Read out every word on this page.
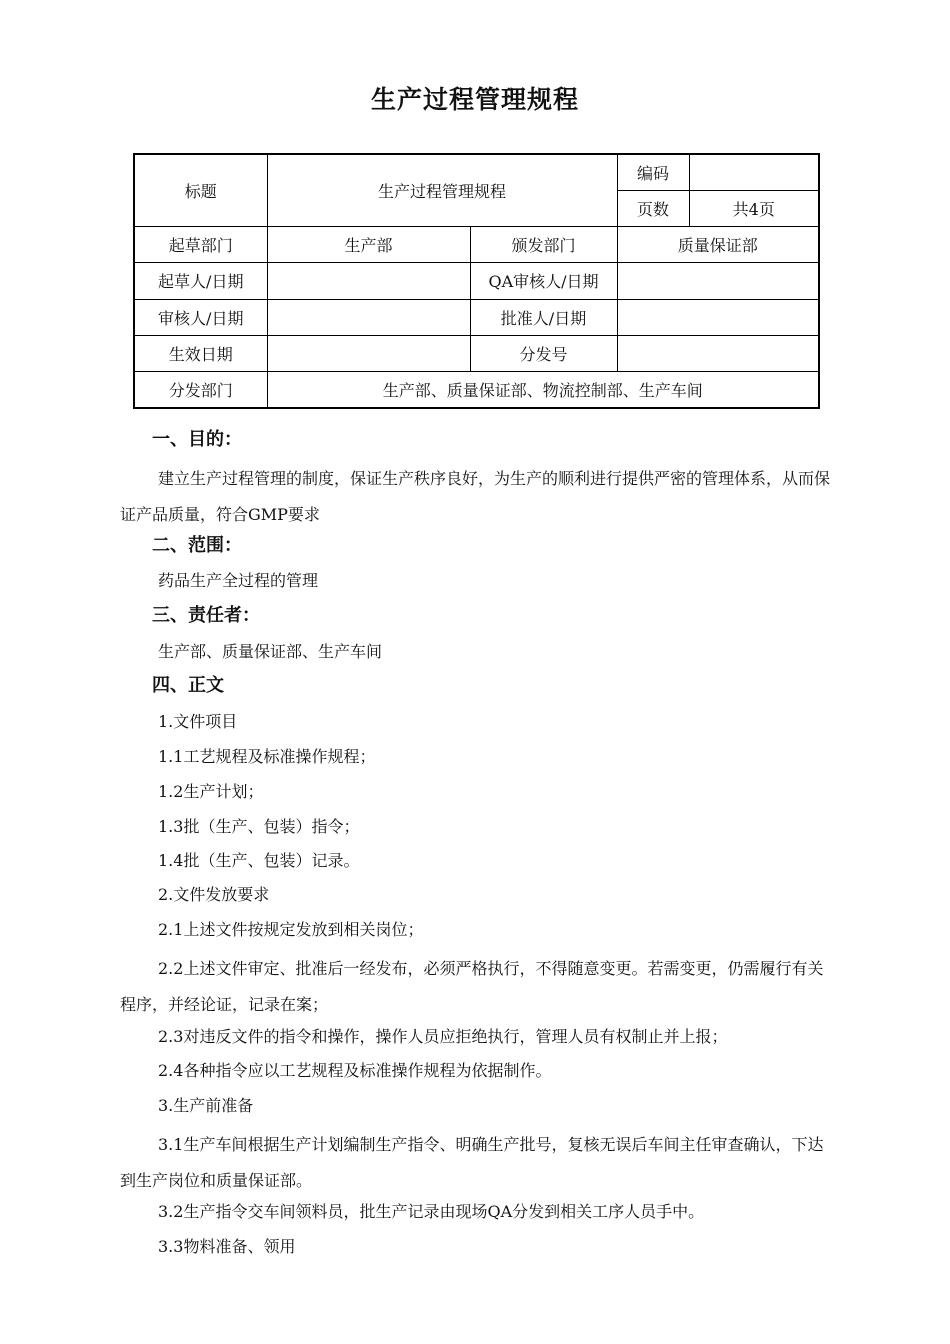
生产过程管理规程
标题	生产过程管理规程		编码	
			页数	共4页
起草部门	生产部	颁发部门	质量保证部	
起草人/日期		QA审核人/日期		
审核人/日期		批准人/日期		
生效日期		分发号		
分发部门	生产部、质量保证部、物流控制部、生产车间			
一、目的：
建立生产过程管理的制度，保证生产秩序良好，为生产的顺利进行提供严密的管理体系，从而保证产品质量，符合GMP要求
二、范围：
药品生产全过程的管理
三、责任者：
生产部、质量保证部、生产车间
四、正文
1.文件项目
1.1工艺规程及标准操作规程；
1.2生产计划；
1.3批（生产、包装）指令；
1.4批（生产、包装）记录。
2.文件发放要求
2.1上述文件按规定发放到相关岗位；
2.2上述文件审定、批准后一经发布，必须严格执行，不得随意变更。若需变更，仍需履行有关程序，并经论证，记录在案；
2.3对违反文件的指令和操作，操作人员应拒绝执行，管理人员有权制止并上报；
2.4各种指令应以工艺规程及标准操作规程为依据制作。
3.生产前准备
3.1生产车间根据生产计划编制生产指令、明确生产批号，复核无误后车间主任审查确认，下达到生产岗位和质量保证部。
3.2生产指令交车间领料员，批生产记录由现场QA分发到相关工序人员手中。
3.3物料准备、领用
